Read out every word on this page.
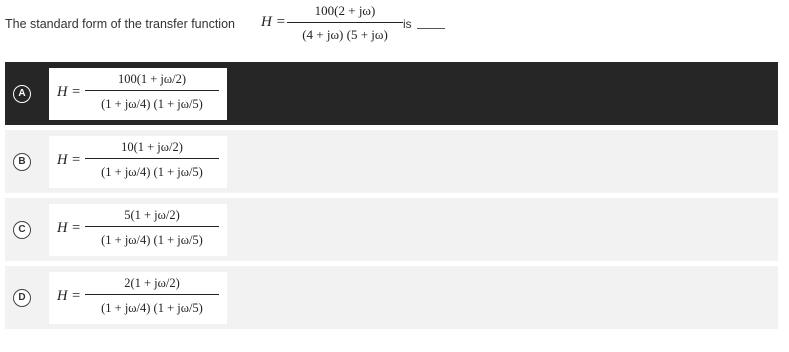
The standard form of the transfer function H =
100(2 + jω)
(4 + jω) (5 + jω)
is
A	H =
100(1 + jω/2)
(1 + jω/4) (1 + jω/5)
B	H =
10(1 + jω/2)
(1 + jω/4) (1 + jω/5)
C	H =
5(1 + jω/2)
(1 + jω/4) (1 + jω/5)
D	H =
2(1 + jω/2)
(1 + jω/4) (1 + jω/5)
